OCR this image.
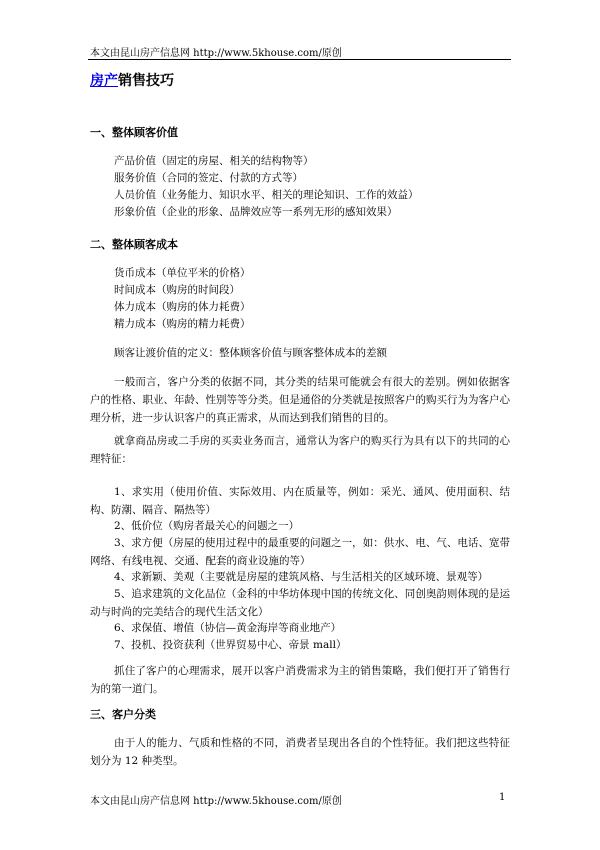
本文由昆山房产信息网 http://www.5khouse.com/原创
房产销售技巧
一、整体顾客价值
产品价值（固定的房屋、相关的结构物等）
服务价值（合同的签定、付款的方式等）
人员价值（业务能力、知识水平、相关的理论知识、工作的效益）
形象价值（企业的形象、品牌效应等一系列无形的感知效果）
二、整体顾客成本
货币成本（单位平米的价格）
时间成本（购房的时间段）
体力成本（购房的体力耗费）
精力成本（购房的精力耗费）
顾客让渡价值的定义：整体顾客价值与顾客整体成本的差额
一般而言，客户分类的依据不同，其分类的结果可能就会有很大的差别。例如依据客户的性格、职业、年龄、性别等等分类。但是通俗的分类就是按照客户的购买行为为客户心理分析，进一步认识客户的真正需求，从而达到我们销售的目的。
就拿商品房或二手房的买卖业务而言，通常认为客户的购买行为具有以下的共同的心理特征：
1、求实用（使用价值、实际效用、内在质量等，例如：采光、通风、使用面积、结构、防潮、隔音、隔热等）
2、低价位（购房者最关心的问题之一）
3、求方便（房屋的使用过程中的最重要的问题之一，如：供水、电、气、电话、宽带网络、有线电视、交通、配套的商业设施的等）
4、求新颖、美观（主要就是房屋的建筑风格、与生活相关的区域环境、景观等）
5、追求建筑的文化品位（金科的中华坊体现中国的传统文化、同创奥韵则体现的是运动与时尚的完美结合的现代生活文化）
6、求保值、增值（协信—黄金海岸等商业地产）
7、投机、投资获利（世界贸易中心、帝景 mall）
抓住了客户的心理需求，展开以客户消费需求为主的销售策略，我们便打开了销售行为的第一道门。
三、客户分类
由于人的能力、气质和性格的不同，消费者呈现出各自的个性特征。我们把这些特征划分为 12 种类型。
本文由昆山房产信息网 http://www.5khouse.com/原创	1
